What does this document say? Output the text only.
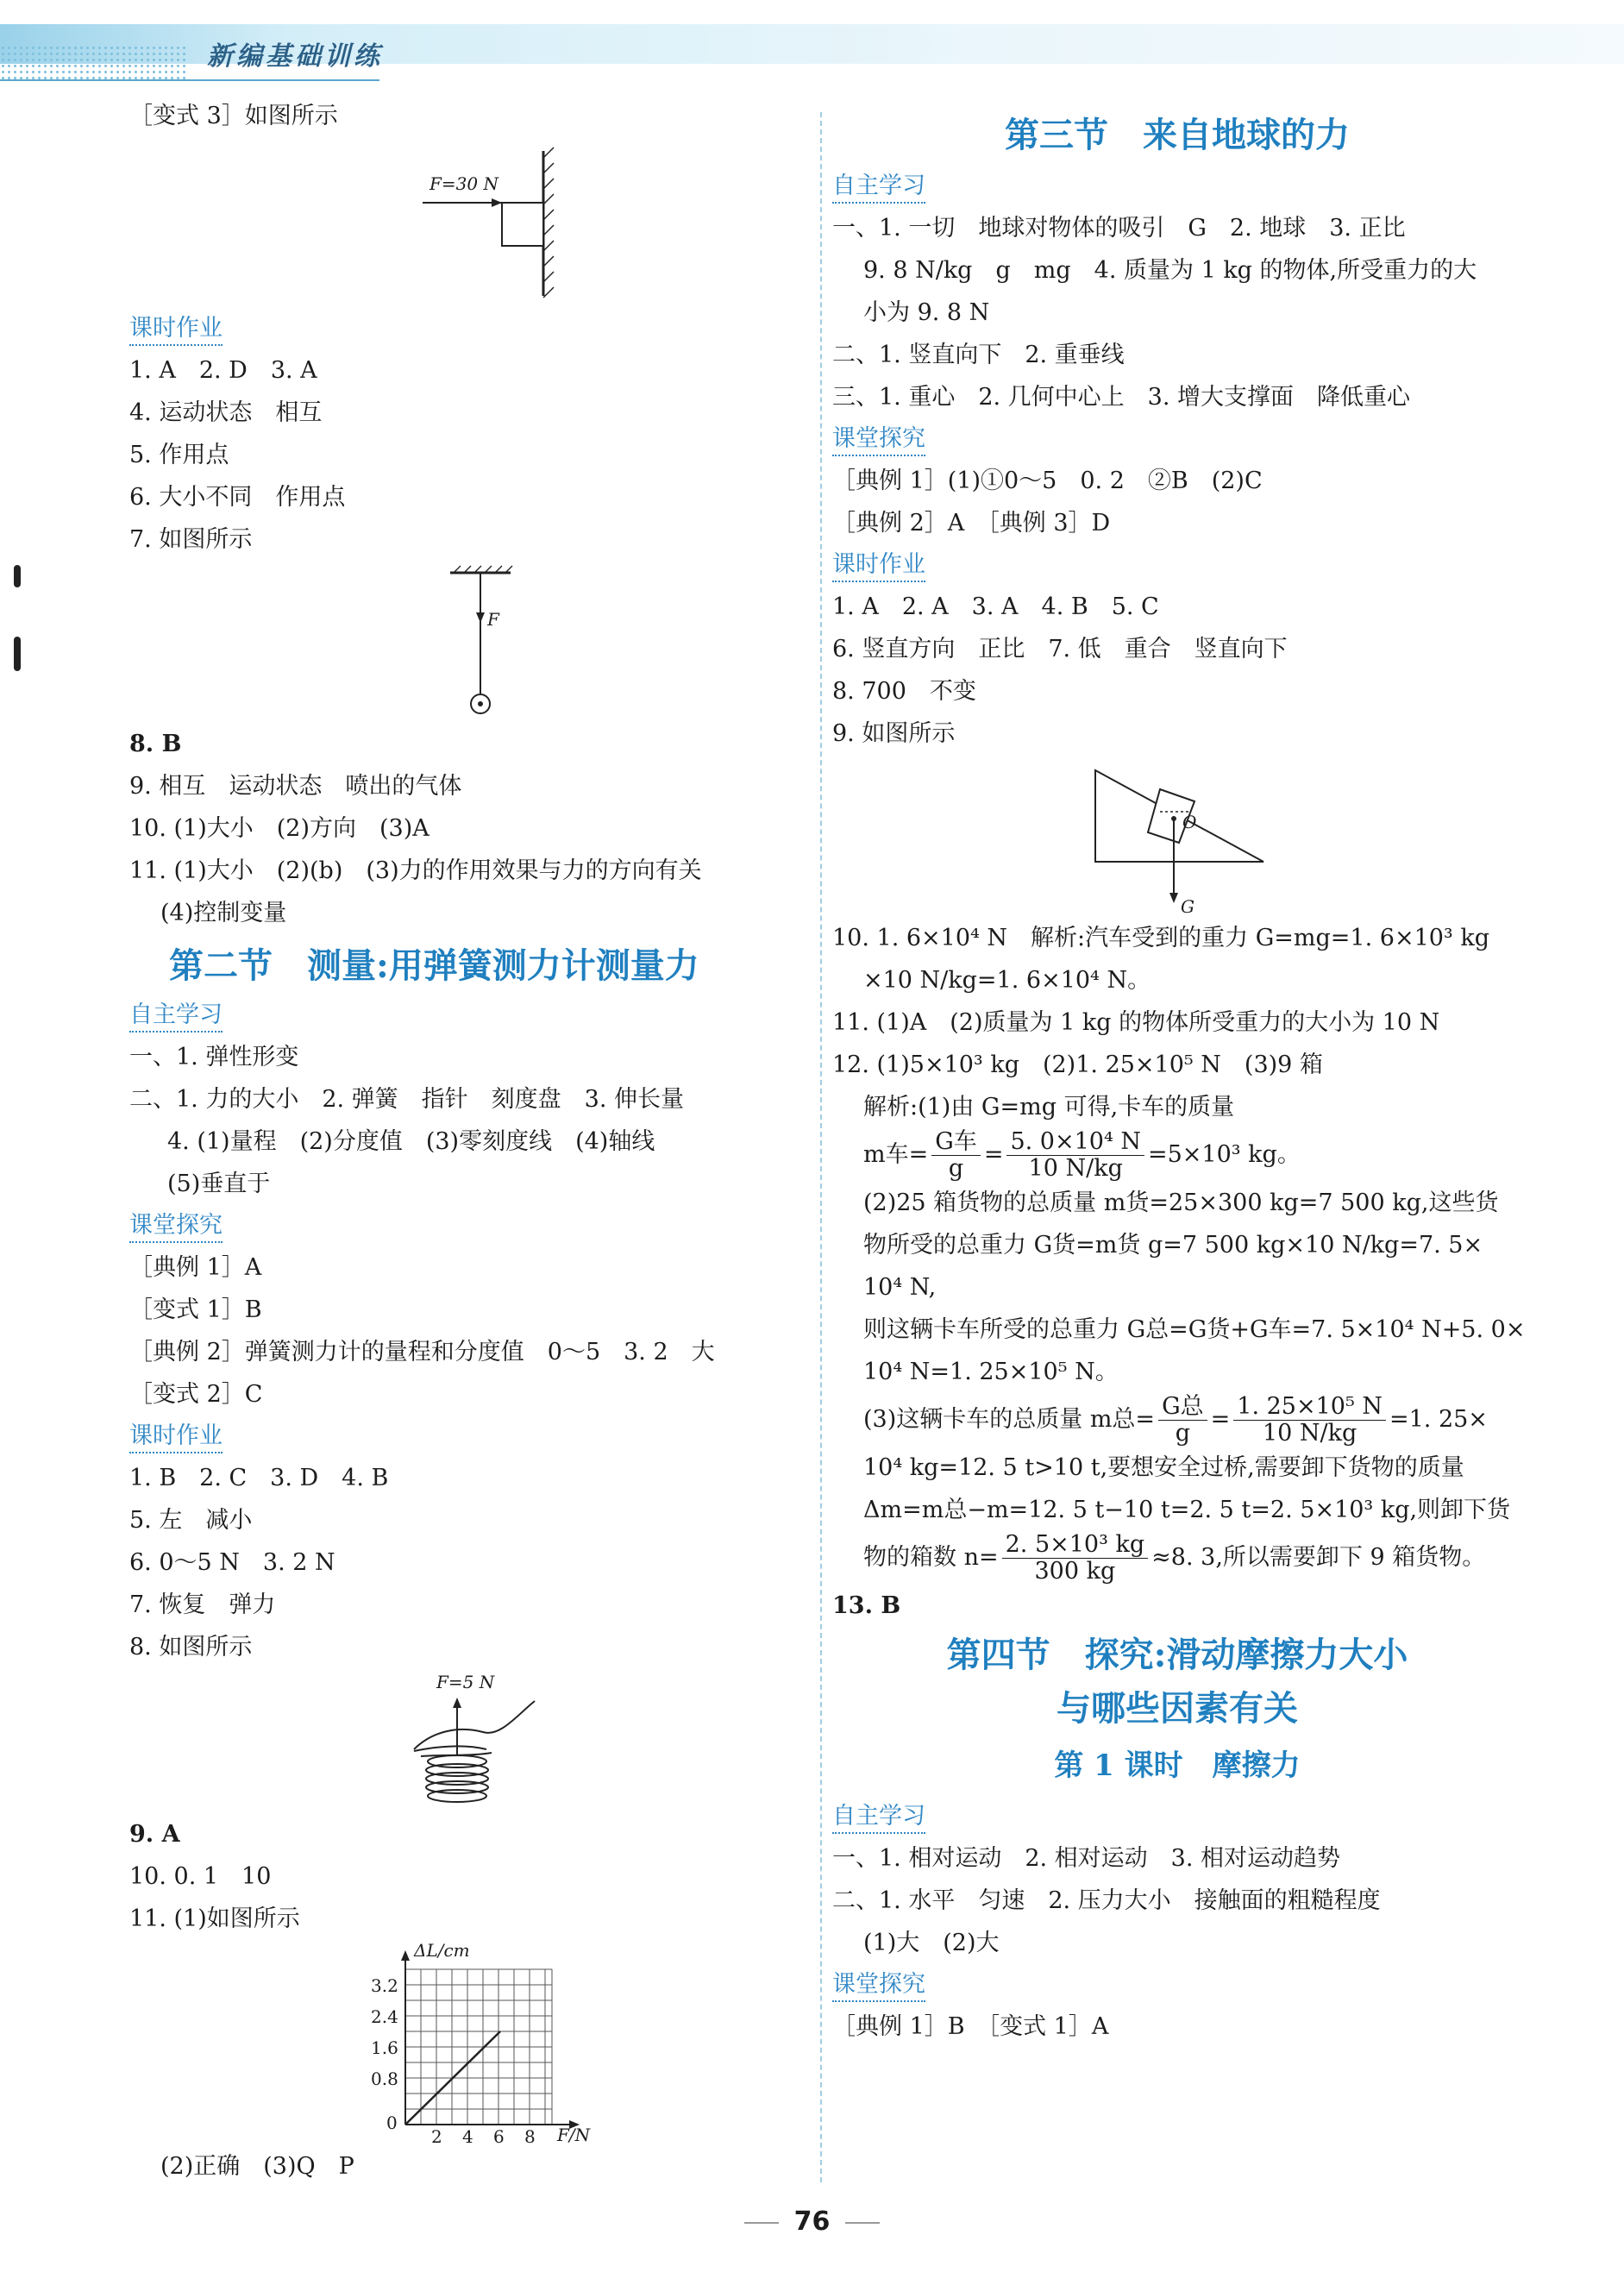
新编基础训练
［变式 3］如图所示
F=30 N
课时作业
1. A　2. D　3. A
4. 运动状态　相互
5. 作用点
6. 大小不同　作用点
7. 如图所示
F
8. B
9. 相互　运动状态　喷出的气体
10. (1)大小　(2)方向　(3)A
11. (1)大小　(2)(b)　(3)力的作用效果与力的方向有关
(4)控制变量
第二节　测量:用弹簧测力计测量力
自主学习
一、1. 弹性形变
二、1. 力的大小　2. 弹簧　指针　刻度盘　3. 伸长量
4. (1)量程　(2)分度值　(3)零刻度线　(4)轴线
(5)垂直于
课堂探究
［典例 1］A
［变式 1］B
［典例 2］弹簧测力计的量程和分度值　0～5　3. 2　大
［变式 2］C
课时作业
1. B　2. C　3. D　4. B
5. 左　减小
6. 0～5 N　3. 2 N
7. 恢复　弹力
8. 如图所示
F=5 N
9. A
10. 0. 1　10
11. (1)如图所示
ΔL/cm
F/N
3.2
2.4
1.6
0.8
0
2 4 6 8
(2)正确　(3)Q　P
第三节　来自地球的力
自主学习
一、1. 一切　地球对物体的吸引　G　2. 地球　3. 正比
9. 8 N/kg　g　mg　4. 质量为 1 kg 的物体,所受重力的大
小为 9. 8 N
二、1. 竖直向下　2. 重垂线
三、1. 重心　2. 几何中心上　3. 增大支撑面　降低重心
课堂探究
［典例 1］(1)①0～5　0. 2　②B　(2)C
［典例 2］A　［典例 3］D
课时作业
1. A　2. A　3. A　4. B　5. C
6. 竖直方向　正比　7. 低　重合　竖直向下
8. 700　不变
9. 如图所示
O
G
10. 1. 6×10⁴ N　解析:汽车受到的重力 G=mg=1. 6×10³ kg
×10 N/kg=1. 6×10⁴ N。
11. (1)A　(2)质量为 1 kg 的物体所受重力的大小为 10 N
12. (1)5×10³ kg　(2)1. 25×10⁵ N　(3)9 箱
解析:(1)由 G=mg 可得,卡车的质量
m车= $\frac{\text{G车}}{g} = \frac{\text{5. 0×10⁴ N}}{10 N/kg} =5\times 10^3$ kg。
(2)25 箱货物的总质量 m货=25×300 kg=7 500 kg,这些货
物所受的总重力 G货=m货 g=7 500 kg×10 N/kg=7. 5×
10⁴ N,
则这辆卡车所受的总重力 G总=G货+G车=7. 5×10⁴ N+5. 0×
10⁴ N=1. 25×10⁵ N。
(3)这辆卡车的总质量 m总= $\frac{\text{G总}}{g} = \frac{\text{1. 25×10⁵ N}}{10 N/kg} =1$. 25×
10⁴ kg=12. 5 t>10 t,要想安全过桥,需要卸下货物的质量
Δm=m总−m=12. 5 t−10 t=2. 5 t=2. 5×10³ kg,则卸下货
物的箱数 $n= \frac{\text{2. 5×10³ kg}}{300 kg} \approx 8$. 3,所以需要卸下 9 箱货物。
13. B
第四节　探究:滑动摩擦力大小
与哪些因素有关
第 1 课时　摩擦力
自主学习
一、1. 相对运动　2. 相对运动　3. 相对运动趋势
二、1. 水平　匀速　2. 压力大小　接触面的粗糙程度
(1)大　(2)大
课堂探究
［典例 1］B　［变式 1］A
76
